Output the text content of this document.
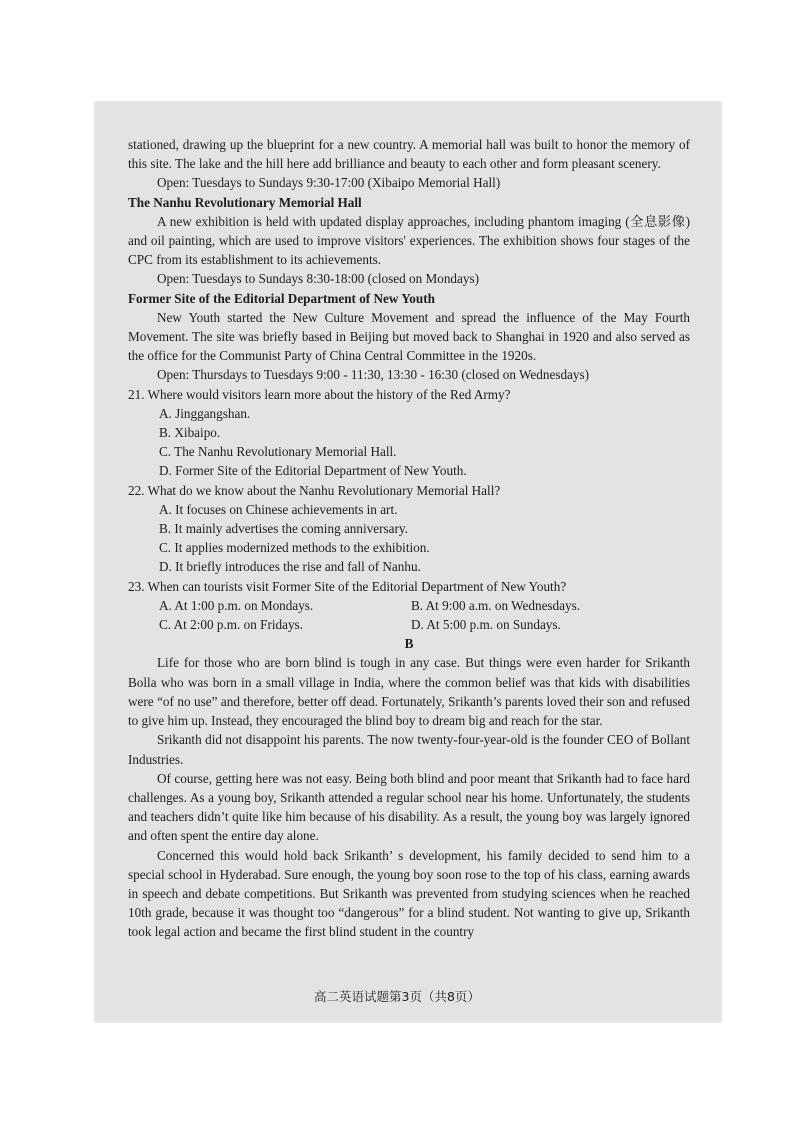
stationed, drawing up the blueprint for a new country. A memorial hall was built to honor the memory of this site. The lake and the hill here add brilliance and beauty to each other and form pleasant scenery.

Open: Tuesdays to Sundays 9:30-17:00 (Xibaipo Memorial Hall)

The Nanhu Revolutionary Memorial Hall

A new exhibition is held with updated display approaches, including phantom imaging (全息影像) and oil painting, which are used to improve visitors' experiences. The exhibition shows four stages of the CPC from its establishment to its achievements.

Open: Tuesdays to Sundays 8:30-18:00 (closed on Mondays)

Former Site of the Editorial Department of New Youth

New Youth started the New Culture Movement and spread the influence of the May Fourth Movement. The site was briefly based in Beijing but moved back to Shanghai in 1920 and also served as the office for the Communist Party of China Central Committee in the 1920s.

Open: Thursdays to Tuesdays 9:00 - 11:30, 13:30 - 16:30 (closed on Wednesdays)

21. Where would visitors learn more about the history of the Red Army?

A. Jinggangshan.

B. Xibaipo.

C. The Nanhu Revolutionary Memorial Hall.

D. Former Site of the Editorial Department of New Youth.

22. What do we know about the Nanhu Revolutionary Memorial Hall?

A. It focuses on Chinese achievements in art.

B. It mainly advertises the coming anniversary.

C. It applies modernized methods to the exhibition.

D. It briefly introduces the rise and fall of Nanhu.

23. When can tourists visit Former Site of the Editorial Department of New Youth?

A. At 1:00 p.m. on Mondays.	B. At 9:00 a.m. on Wednesdays.
C. At 2:00 p.m. on Fridays.	D. At 5:00 p.m. on Sundays.

B

Life for those who are born blind is tough in any case. But things were even harder for Srikanth Bolla who was born in a small village in India, where the common belief was that kids with disabilities were “of no use” and therefore, better off dead. Fortunately, Srikanth’s parents loved their son and refused to give him up. Instead, they encouraged the blind boy to dream big and reach for the star.

Srikanth did not disappoint his parents. The now twenty-four-year-old is the founder CEO of Bollant Industries.

Of course, getting here was not easy. Being both blind and poor meant that Srikanth had to face hard challenges. As a young boy, Srikanth attended a regular school near his home. Unfortunately, the students and teachers didn’t quite like him because of his disability. As a result, the young boy was largely ignored and often spent the entire day alone.

Concerned this would hold back Srikanth’ s development, his family decided to send him to a special school in Hyderabad. Sure enough, the young boy soon rose to the top of his class, earning awards in speech and debate competitions. But Srikanth was prevented from studying sciences when he reached 10th grade, because it was thought too “dangerous” for a blind student. Not wanting to give up, Srikanth took legal action and became the first blind student in the country

高二英语试题第3页（共8页）
